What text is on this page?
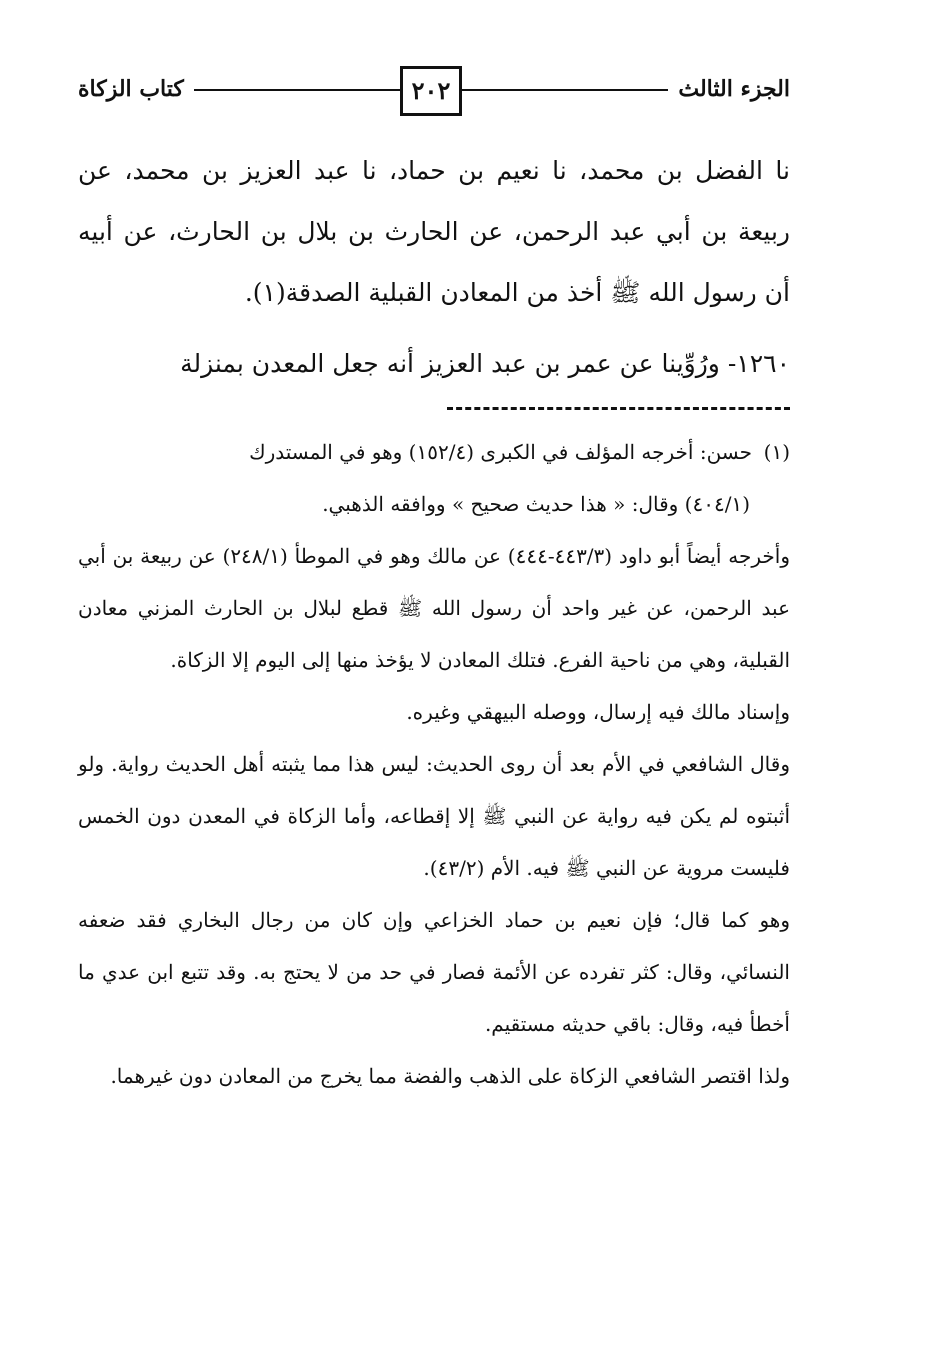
الجزء الثالث
٢٠٢
كتاب الزكاة

نا الفضل بن محمد، نا نعيم بن حماد، نا عبد العزيز بن محمد، عن ربيعة بن أبي عبد الرحمن، عن الحارث بن بلال بن الحارث، عن أبيه أن رسول الله ﷺ أخذ من المعادن القبلية الصدقة(١).

١٢٦٠- ورُوِّينا عن عمر بن عبد العزيز أنه جعل المعدن بمنزلة

(١)
حسن: أخرجه المؤلف في الكبرى (١٥٢/٤) وهو في المستدرك

(٤٠٤/١) وقال: « هذا حديث صحيح » ووافقه الذهبي.

وأخرجه أيضاً أبو داود (٤٤٣/٣-٤٤٤) عن مالك وهو في الموطأ (٢٤٨/١) عن ربيعة بن أبي عبد الرحمن، عن غير واحد أن رسول الله ﷺ قطع لبلال بن الحارث المزني معادن القبلية، وهي من ناحية الفرع. فتلك المعادن لا يؤخذ منها إلى اليوم إلا الزكاة.

وإسناد مالك فيه إرسال، ووصله البيهقي وغيره.

وقال الشافعي في الأم بعد أن روى الحديث: ليس هذا مما يثبته أهل الحديث رواية. ولو أثبتوه لم يكن فيه رواية عن النبي ﷺ إلا إقطاعه، وأما الزكاة في المعدن دون الخمس فليست مروية عن النبي ﷺ فيه. الأم (٤٣/٢).

وهو كما قال؛ فإن نعيم بن حماد الخزاعي وإن كان من رجال البخاري فقد ضعفه النسائي، وقال: كثر تفرده عن الأئمة فصار في حد من لا يحتج به. وقد تتبع ابن عدي ما أخطأ فيه، وقال: باقي حديثه مستقيم.

ولذا اقتصر الشافعي الزكاة على الذهب والفضة مما يخرج من المعادن دون غيرهما.
